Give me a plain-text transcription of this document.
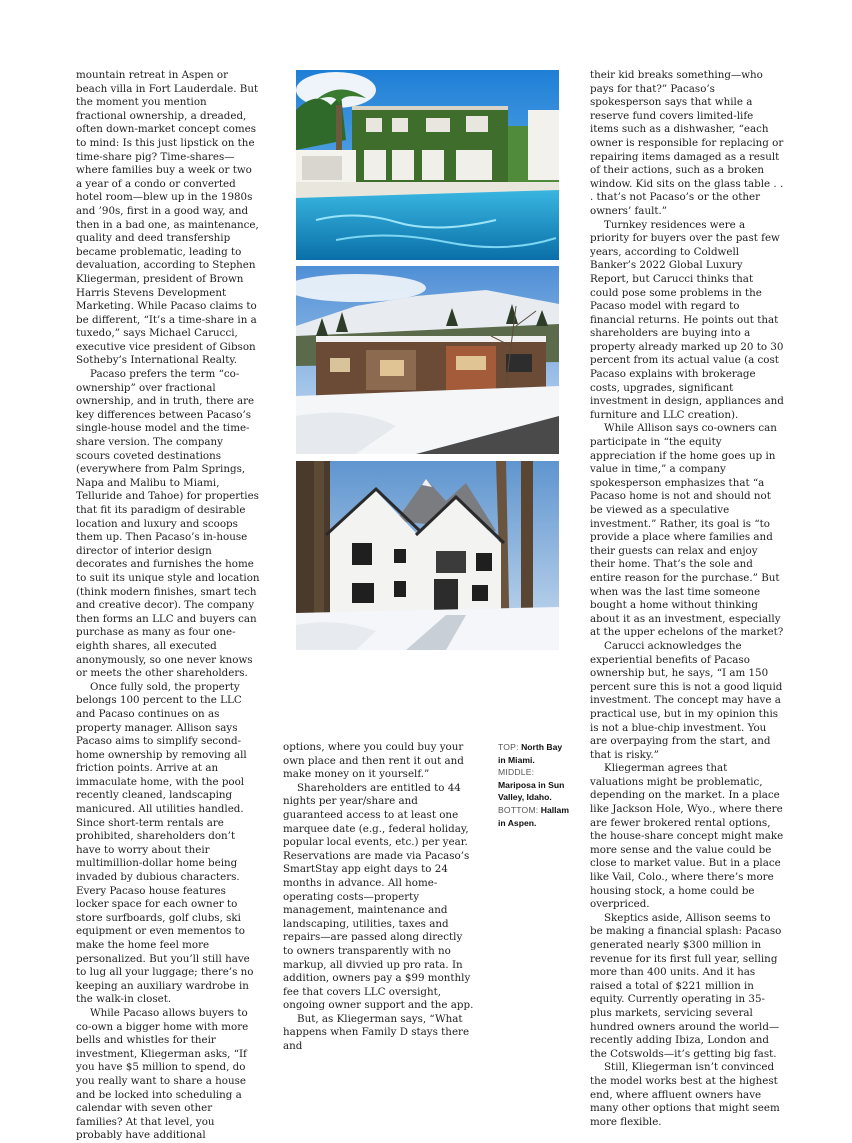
mountain retreat in Aspen or beach villa in Fort Lauderdale. But the moment you mention fractional ownership, a dreaded, often down-market concept comes to mind: Is this just lipstick on the time-share pig? Time-shares—where families buy a week or two a year of a condo or converted hotel room—blew up in the 1980s and ’90s, first in a good way, and then in a bad one, as maintenance, quality and deed transfership became problematic, leading to devaluation, according to Stephen Kliegerman, president of Brown Harris Stevens Development Marketing. While Pacaso claims to be different, “It’s a time-share in a tuxedo,” says Michael Carucci, executive vice president of Gibson Sotheby’s International Realty.

Pacaso prefers the term “co-ownership” over fractional ownership, and in truth, there are key differences between Pacaso’s single-house model and the time-share version. The company scours coveted destinations (everywhere from Palm Springs, Napa and Malibu to Miami, Telluride and Tahoe) for properties that fit its paradigm of desirable location and luxury and scoops them up. Then Pacaso’s in-house director of interior design decorates and furnishes the home to suit its unique style and location (think modern finishes, smart tech and creative decor). The company then forms an LLC and buyers can purchase as many as four one-eighth shares, all executed anonymously, so one never knows or meets the other shareholders.

Once fully sold, the property belongs 100 percent to the LLC and Pacaso continues on as property manager. Allison says Pacaso aims to simplify second-home ownership by removing all friction points. Arrive at an immaculate home, with the pool recently cleaned, landscaping manicured. All utilities handled. Since short-term rentals are prohibited, shareholders don’t have to worry about their multimillion-dollar home being invaded by dubious characters. Every Pacaso house features locker space for each owner to store surfboards, golf clubs, ski equipment or even mementos to make the home feel more personalized. But you’ll still have to lug all your luggage; there’s no keeping an auxiliary wardrobe in the walk-in closet.

While Pacaso allows buyers to co-own a bigger home with more bells and whistles for their investment, Kliegerman asks, “If you have $5 million to spend, do you really want to share a house and be locked into scheduling a calendar with seven other families? At that level, you probably have additional

options, where you could buy your own place and then rent it out and make money on it yourself.”

Shareholders are entitled to 44 nights per year/share and guaranteed access to at least one marquee date (e.g., federal holiday, popular local events, etc.) per year. Reservations are made via Pacaso’s SmartStay app eight days to 24 months in advance. All home-operating costs—property management, maintenance and landscaping, utilities, taxes and repairs—are passed along directly to owners transparently with no markup, all divvied up pro rata. In addition, owners pay a $99 monthly fee that covers LLC oversight, ongoing owner support and the app.

But, as Kliegerman says, “What happens when Family D stays there and

TOP: North Bay in Miami. MIDDLE: Mariposa in Sun Valley, Idaho. BOTTOM: Hallam in Aspen.

their kid breaks something—who pays for that?” Pacaso’s spokesperson says that while a reserve fund covers limited-life items such as a dishwasher, “each owner is responsible for replacing or repairing items damaged as a result of their actions, such as a broken window. Kid sits on the glass table . . . that’s not Pacaso’s or the other owners’ fault.”

Turnkey residences were a priority for buyers over the past few years, according to Coldwell Banker’s 2022 Global Luxury Report, but Carucci thinks that could pose some problems in the Pacaso model with regard to financial returns. He points out that shareholders are buying into a property already marked up 20 to 30 percent from its actual value (a cost Pacaso explains with brokerage costs, upgrades, significant investment in design, appliances and furniture and LLC creation).

While Allison says co-owners can participate in “the equity appreciation if the home goes up in value in time,” a company spokesperson emphasizes that “a Pacaso home is not and should not be viewed as a speculative investment.” Rather, its goal is “to provide a place where families and their guests can relax and enjoy their home. That’s the sole and entire reason for the purchase.” But when was the last time someone bought a home without thinking about it as an investment, especially at the upper echelons of the market?

Carucci acknowledges the experiential benefits of Pacaso ownership but, he says, “I am 150 percent sure this is not a good liquid investment. The concept may have a practical use, but in my opinion this is not a blue-chip investment. You are overpaying from the start, and that is risky.”

Kliegerman agrees that valuations might be problematic, depending on the market. In a place like Jackson Hole, Wyo., where there are fewer brokered rental options, the house-share concept might make more sense and the value could be close to market value. But in a place like Vail, Colo., where there’s more housing stock, a home could be overpriced.

Skeptics aside, Allison seems to be making a financial splash: Pacaso generated nearly $300 million in revenue for its first full year, selling more than 400 units. And it has raised a total of $221 million in equity. Currently operating in 35-plus markets, servicing several hundred owners around the world—recently adding Ibiza, London and the Cotswolds—it’s getting big fast.

Still, Kliegerman isn’t convinced the model works best at the highest end, where affluent owners have many other options that might seem more flexible.
